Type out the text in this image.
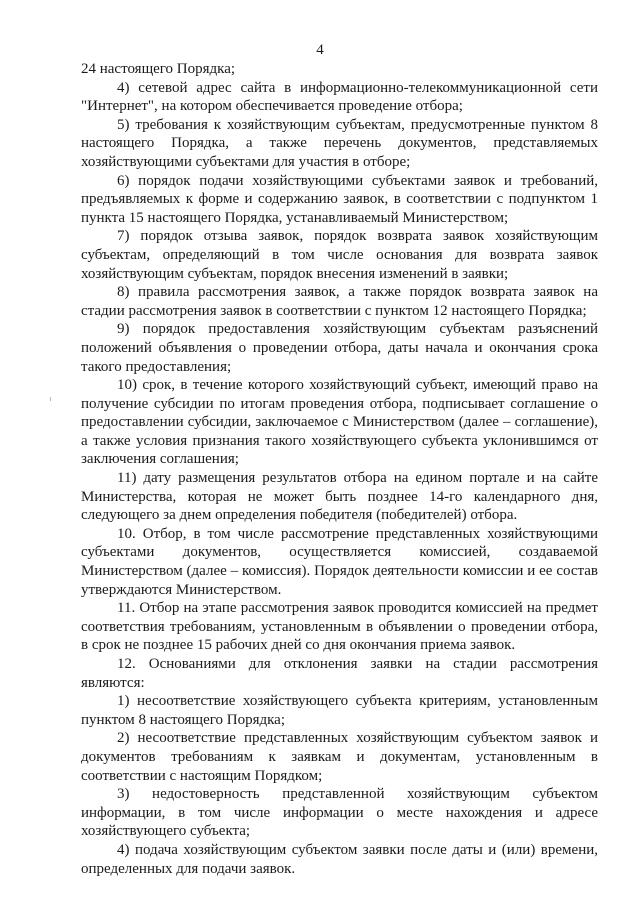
4

24 настоящего Порядка;

4) сетевой адрес сайта в информационно-телекоммуникационной сети "Интернет", на котором обеспечивается проведение отбора;

5) требования к хозяйствующим субъектам, предусмотренные пунктом 8 настоящего Порядка, а также перечень документов, представляемых хозяйствующими субъектами для участия в отборе;

6) порядок подачи хозяйствующими субъектами заявок и требований, предъявляемых к форме и содержанию заявок, в соответствии с подпунктом 1 пункта 15 настоящего Порядка, устанавливаемый Министерством;

7) порядок отзыва заявок, порядок возврата заявок хозяйствующим субъектам, определяющий в том числе основания для возврата заявок хозяйствующим субъектам, порядок внесения изменений в заявки;

8) правила рассмотрения заявок, а также порядок возврата заявок на стадии рассмотрения заявок в соответствии с пунктом 12 настоящего Порядка;

9) порядок предоставления хозяйствующим субъектам разъяснений положений объявления о проведении отбора, даты начала и окончания срока такого предоставления;

10) срок, в течение которого хозяйствующий субъект, имеющий право на получение субсидии по итогам проведения отбора, подписывает соглашение о предоставлении субсидии, заключаемое с Министерством (далее – соглашение), а также условия признания такого хозяйствующего субъекта уклонившимся от заключения соглашения;

11) дату размещения результатов отбора на едином портале и на сайте Министерства, которая не может быть позднее 14-го календарного дня, следующего за днем определения победителя (победителей) отбора.

10. Отбор, в том числе рассмотрение представленных хозяйствующими субъектами документов, осуществляется комиссией, создаваемой Министерством (далее – комиссия). Порядок деятельности комиссии и ее состав утверждаются Министерством.

11. Отбор на этапе рассмотрения заявок проводится комиссией на предмет соответствия требованиям, установленным в объявлении о проведении отбора, в срок не позднее 15 рабочих дней со дня окончания приема заявок.

12. Основаниями для отклонения заявки на стадии рассмотрения являются:

1) несоответствие хозяйствующего субъекта критериям, установленным пунктом 8 настоящего Порядка;

2) несоответствие представленных хозяйствующим субъектом заявок и документов требованиям к заявкам и документам, установленным в соответствии с настоящим Порядком;

3) недостоверность представленной хозяйствующим субъектом информации, в том числе информации о месте нахождения и адресе хозяйствующего субъекта;

4) подача хозяйствующим субъектом заявки после даты и (или) времени, определенных для подачи заявок.
